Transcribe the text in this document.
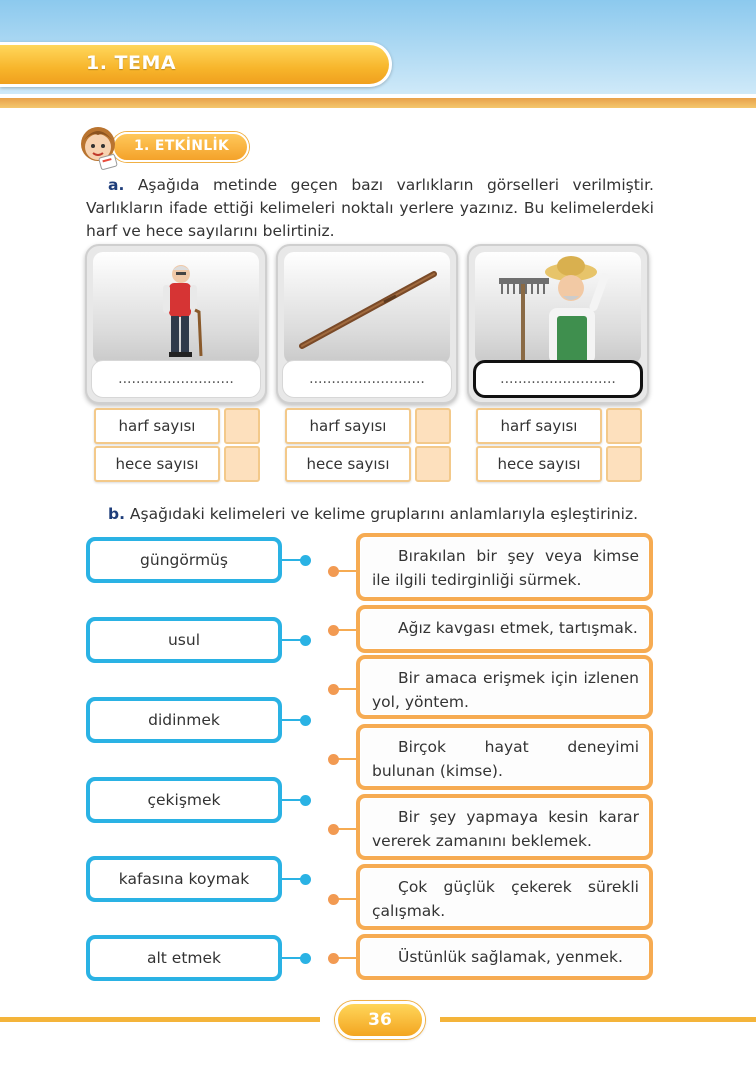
1. TEMA
1. ETKİNLİK
a. Aşağıda metinde geçen bazı varlıkların görselleri verilmiştir. Varlıkların ifade ettiği kelimeleri noktalı yerlere yazınız. Bu kelimelerdeki harf ve hece sayılarını belirtiniz.
..........................
harf sayısı
hece sayısı
..........................
harf sayısı
hece sayısı
..........................
harf sayısı
hece sayısı
b. Aşağıdaki kelimeleri ve kelime gruplarını anlamlarıyla eşleştiriniz.
güngörmüş
usul
didinmek
çekişmek
kafasına koymak
alt etmek
Bırakılan bir şey veya kimse ile ilgili tedirginliği sürmek.
Ağız kavgası etmek, tartışmak.
Bir amaca erişmek için izlenen yol, yöntem.
Birçok hayat deneyimi bulunan (kimse).
Bir şey yapmaya kesin karar vererek zamanını beklemek.
Çok güçlük çekerek sürekli çalışmak.
Üstünlük sağlamak, yenmek.
36
